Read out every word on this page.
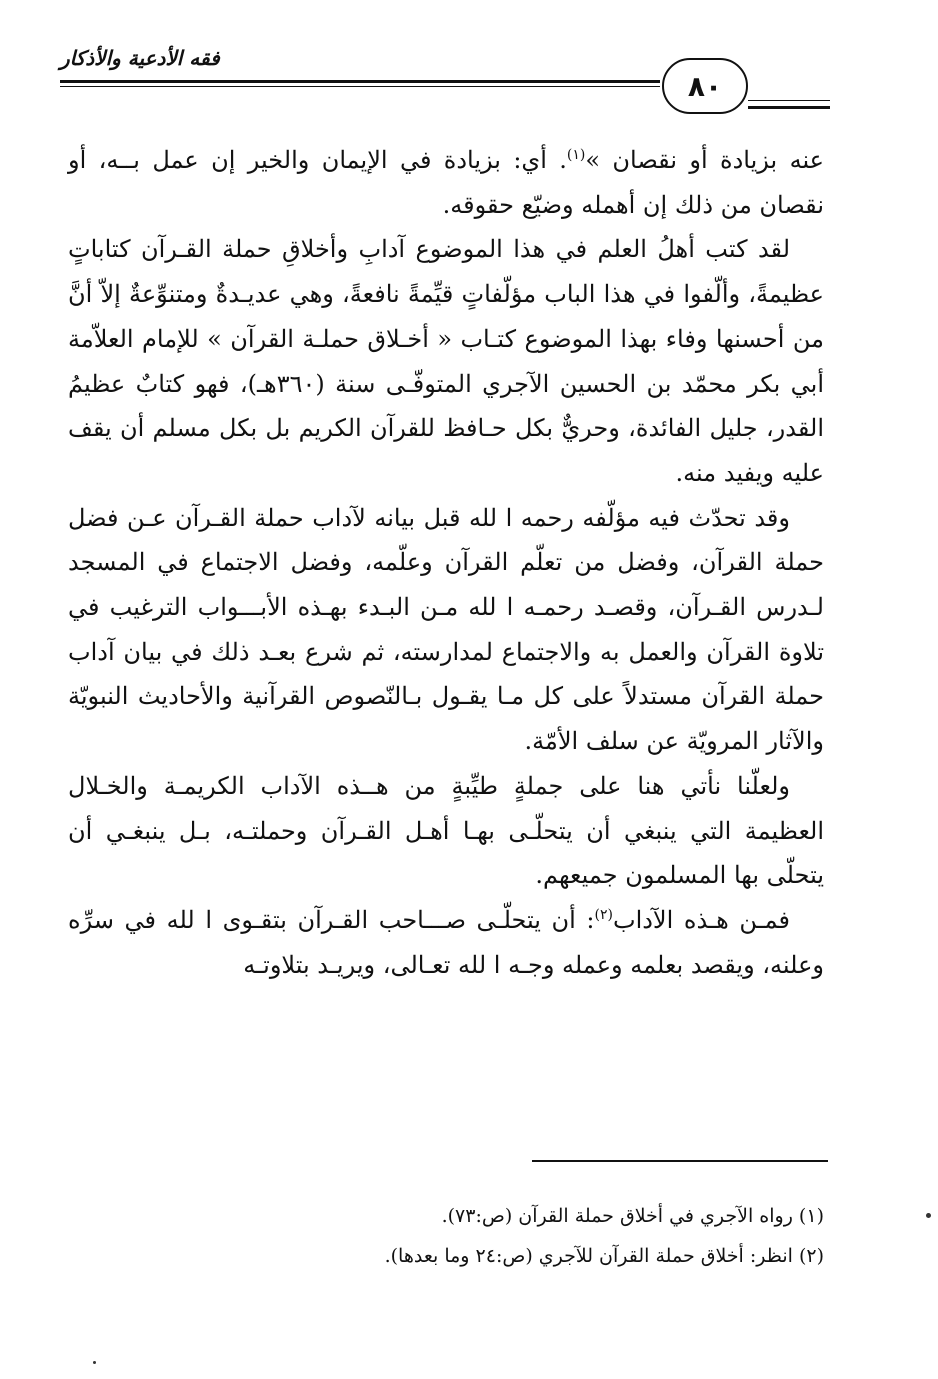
فقه الأدعية والأذكار
٨٠

عنه بزيادة أو نقصان »$^{(١)}$. أي: بزيادة في الإيمان والخير إن عمل بــه، أو نقصان من ذلك إن أهمله وضيّع حقوقه.

لقد كتب أهلُ العلم في هذا الموضوع آدابِ وأخلاقِ حملة القـرآن كتاباتٍ عظيمةً، وألّفوا في هذا الباب مؤلّفاتٍ قيِّمةً نافعةً، وهي عديـدةٌ ومتنوِّعةٌ إلاّ أنَّ من أحسنها وفاء بهذا الموضوع كتـاب « أخـلاق حملـة القرآن » للإمام العلاّمة أبي بكر محمّد بن الحسين الآجري المتوفّـى سنة (٣٦٠هـ)، فهو كتابٌ عظيمُ القدر، جليل الفائدة، وحريٌّ بكل حـافظ للقرآن الكريم بل بكل مسلم أن يقف عليه ويفيد منه.

وقد تحدّث فيه مؤلّفه رحمه ا لله قبل بيانه لآداب حملة القـرآن عـن فضل حملة القرآن، وفضل من تعلّم القرآن وعلّمه، وفضل الاجتماع في المسجد لـدرس القـرآن، وقصـد رحمـه ا لله مـن البـدء بهـذه الأبـــواب الترغيب في تلاوة القرآن والعمل به والاجتماع لمدارسته، ثم شرع بعـد ذلك في بيان آداب حملة القرآن مستدلاً على كل مـا يقـول بـالنّصوص القرآنية والأحاديث النبويّة والآثار المرويّة عن سلف الأمّة.

ولعلّنا نأتي هنا على جملةٍ طيِّبةٍ من هــذه الآداب الكريمـة والخـلال العظيمة التي ينبغي أن يتحلّـى بهـا أهـل القـرآن وحملتـه، بـل ينبغـي أن يتحلّى بها المسلمون جميعهم.

فمـن هـذه الآداب$^{(٢)}$: أن يتحلّـى صـــاحب القـرآن بتقـوى ا لله في سرِّه وعلنه، ويقصد بعلمه وعمله وجـه ا لله تعـالى، ويريـد بتلاوتـه

(١) رواه الآجري في أخلاق حملة القرآن (ص:٧٣).

(٢) انظر: أخلاق حملة القرآن للآجري (ص:٢٤ وما بعدها).
